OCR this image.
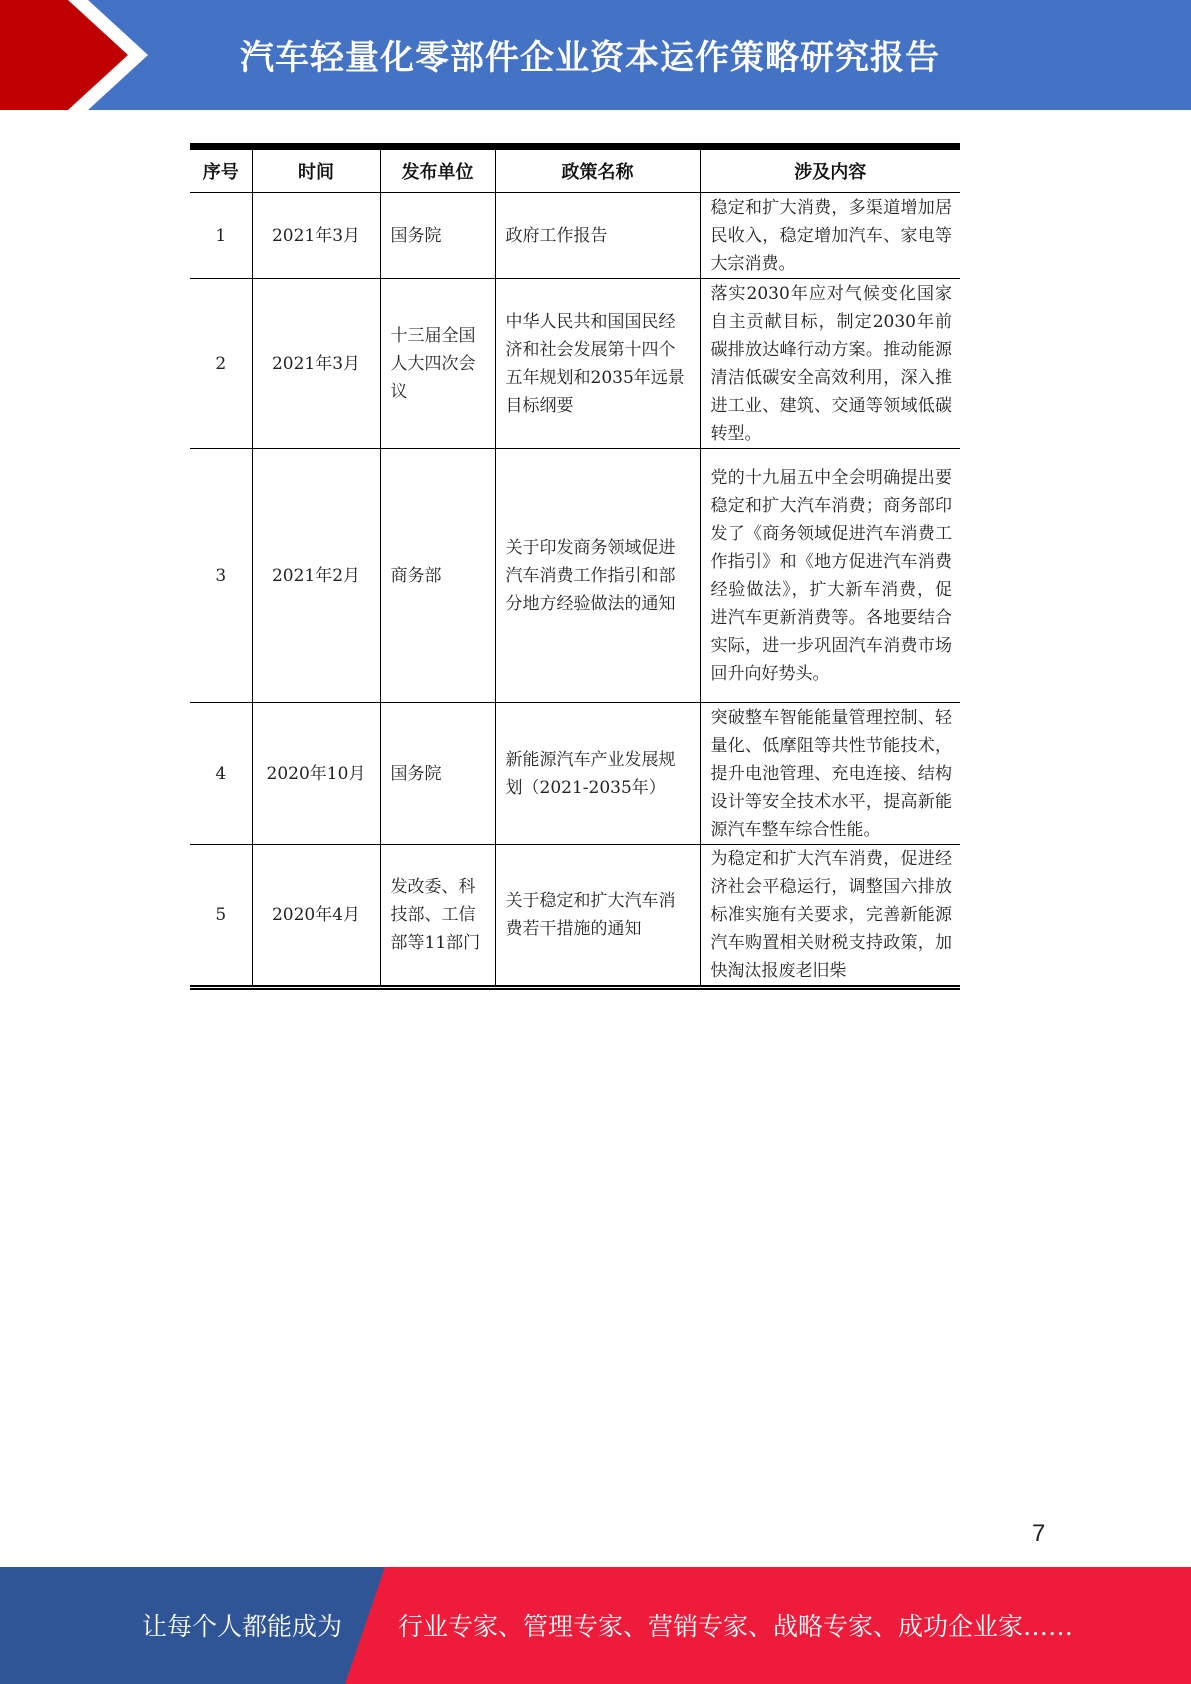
汽车轻量化零部件企业资本运作策略研究报告
序号	时间	发布单位	政策名称	涉及内容
1	2021年3月	国务院	政府工作报告	稳定和扩大消费，多渠道增加居民收入，稳定增加汽车、家电等大宗消费。
2	2021年3月	十三届全国人大四次会议	中华人民共和国国民经济和社会发展第十四个五年规划和2035年远景目标纲要	落实2030年应对气候变化国家自主贡献目标，制定2030年前碳排放达峰行动方案。推动能源清洁低碳安全高效利用，深入推进工业、建筑、交通等领域低碳转型。
3	2021年2月	商务部	关于印发商务领域促进汽车消费工作指引和部分地方经验做法的通知	党的十九届五中全会明确提出要稳定和扩大汽车消费；商务部印发了《商务领域促进汽车消费工作指引》和《地方促进汽车消费经验做法》，扩大新车消费，促进汽车更新消费等。各地要结合实际，进一步巩固汽车消费市场回升向好势头。
4	2020年10月	国务院	新能源汽车产业发展规划（2021-2035年）	突破整车智能能量管理控制、轻量化、低摩阻等共性节能技术，提升电池管理、充电连接、结构设计等安全技术水平，提高新能源汽车整车综合性能。
5	2020年4月	发改委、科技部、工信部等11部门	关于稳定和扩大汽车消费若干措施的通知	为稳定和扩大汽车消费，促进经济社会平稳运行，调整国六排放标准实施有关要求，完善新能源汽车购置相关财税支持政策，加快淘汰报废老旧柴
7
让每个人都能成为 行业专家、管理专家、营销专家、战略专家、成功企业家……
